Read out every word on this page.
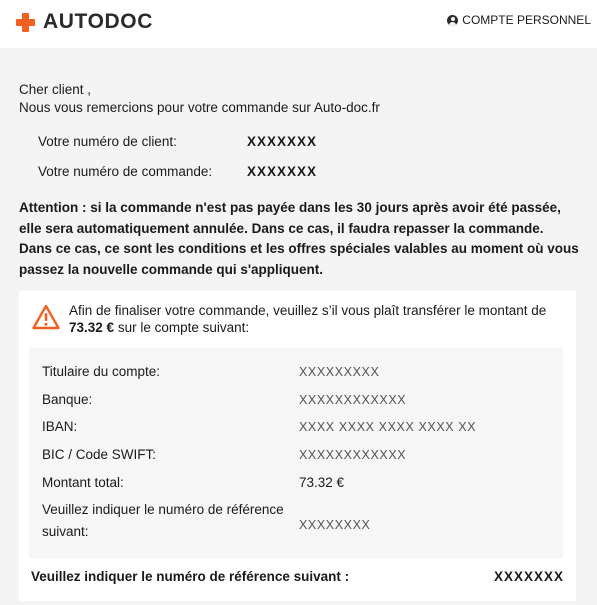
AUTODOC	COMPTE PERSONNEL
Cher client ,
Nous vous remercions pour votre commande sur Auto-doc.fr
Votre numéro de client:	XXXXXXX
Votre numéro de commande:	XXXXXXX
Attention : si la commande n'est pas payée dans les 30 jours après avoir été passée, elle sera automatiquement annulée. Dans ce cas, il faudra repasser la commande. Dans ce cas, ce sont les conditions et les offres spéciales valables au moment où vous passez la nouvelle commande qui s'appliquent.
Afin de finaliser votre commande, veuillez s’il vous plaît transférer le montant de 73.32 € sur le compte suivant:
Titulaire du compte:	XXXXXXXXX
Banque:	XXXXXXXXXXXX
IBAN:	XXXX XXXX XXXX XXXX XX
BIC / Code SWIFT:	XXXXXXXXXXXX
Montant total:	73.32 €
Veuillez indiquer le numéro de référence
suivant:	XXXXXXXX
Veuillez indiquer le numéro de référence suivant :	XXXXXXX
